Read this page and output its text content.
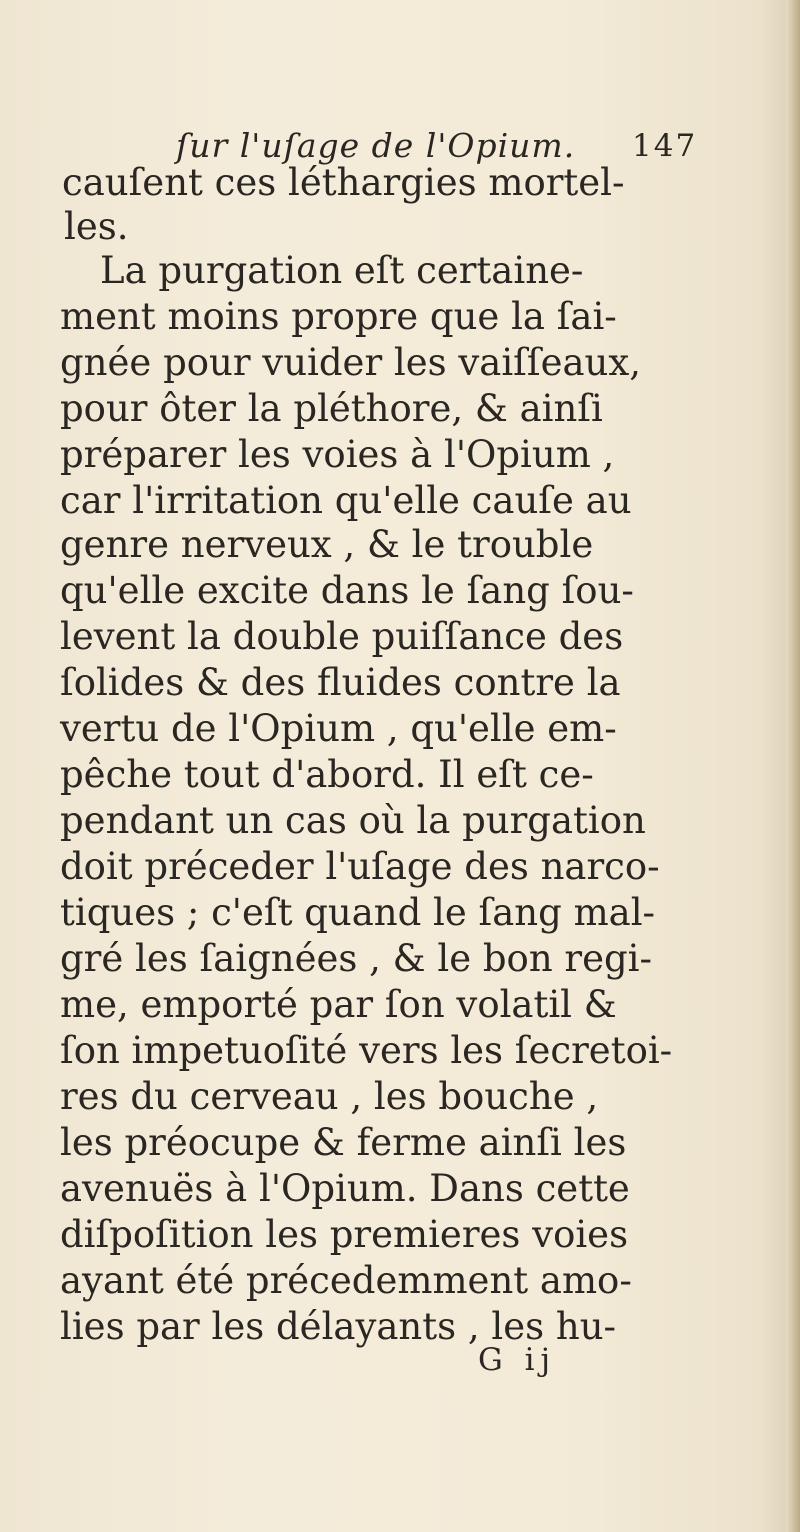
ſur l'uſage de l'Opium. 147
cauſent ces léthargies mortel-
les.
La purgation eſt certaine-
ment moins propre que la ſai-
gnée pour vuider les vaiſſeaux,
pour ôter la pléthore, & ainſi
préparer les voies à l'Opium ,
car l'irritation qu'elle cauſe au
genre nerveux , & le trouble
qu'elle excite dans le ſang ſou-
levent la double puiſſance des
ſolides & des fluides contre la
vertu de l'Opium , qu'elle em-
pêche tout d'abord. Il eſt ce-
pendant un cas où la purgation
doit préceder l'uſage des narco-
tiques ; c'eſt quand le ſang mal-
gré les ſaignées , & le bon regi-
me, emporté par ſon volatil &
ſon impetuoſité vers les ſecretoi-
res du cerveau , les bouche ,
les préocupe & ferme ainſi les
avenuës à l'Opium. Dans cette
diſpoſition les premieres voies
ayant été précedemment amo-
lies par les délayants , les hu-
G ij
